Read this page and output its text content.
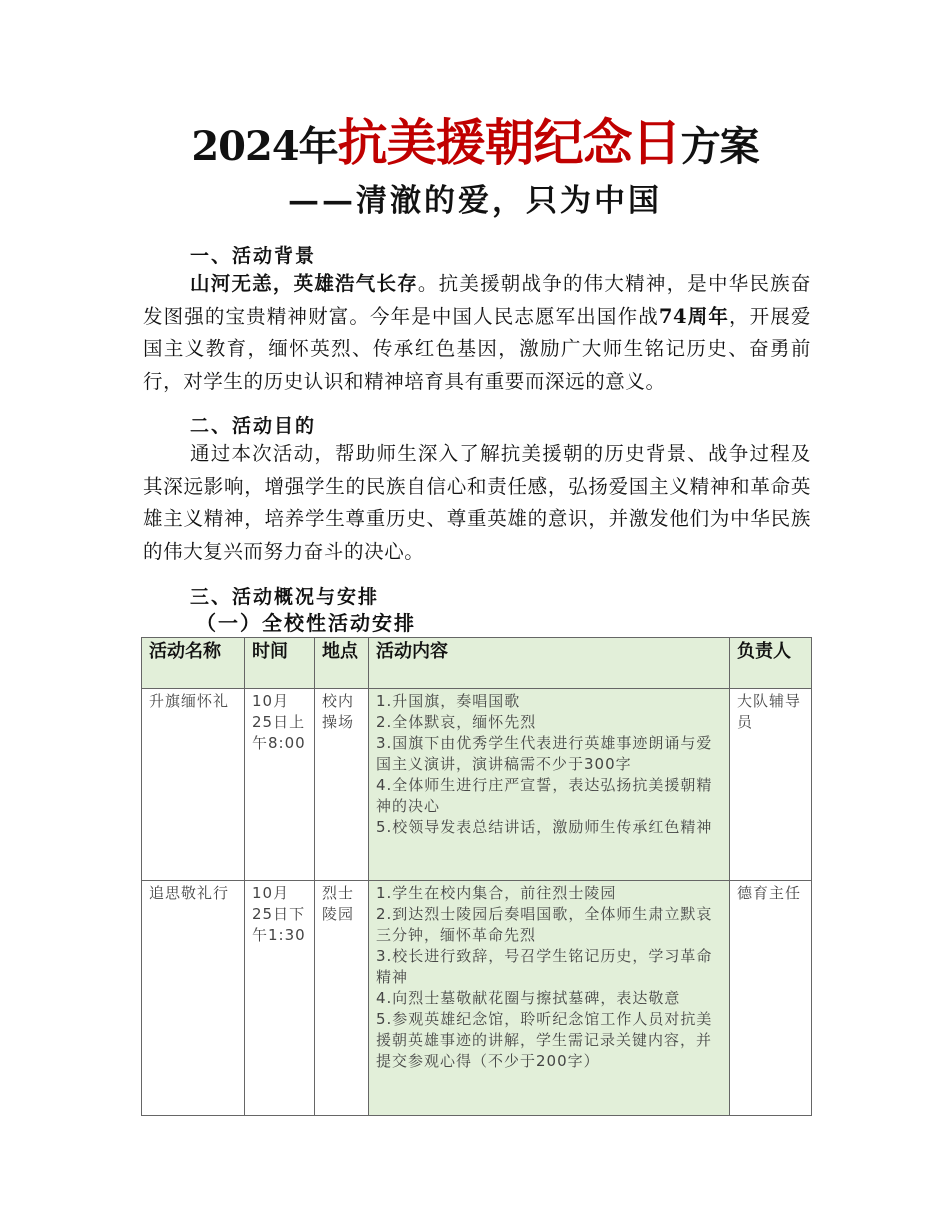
2024年抗美援朝纪念日方案
——清澈的爱，只为中国
一、活动背景

山河无恙，英雄浩气长存。抗美援朝战争的伟大精神，是中华民族奋发图强的宝贵精神财富。今年是中国人民志愿军出国作战74周年，开展爱国主义教育，缅怀英烈、传承红色基因，激励广大师生铭记历史、奋勇前行，对学生的历史认识和精神培育具有重要而深远的意义。

二、活动目的

通过本次活动，帮助师生深入了解抗美援朝的历史背景、战争过程及其深远影响，增强学生的民族自信心和责任感，弘扬爱国主义精神和革命英雄主义精神，培养学生尊重历史、尊重英雄的意识，并激发他们为中华民族的伟大复兴而努力奋斗的决心。

三、活动概况与安排
（一）全校性活动安排
活动名称	时间	地点	活动内容	负责人
升旗缅怀礼	10月25日上午8:00	校内操场	1.升国旗，奏唱国歌
2.全体默哀，缅怀先烈
3.国旗下由优秀学生代表进行英雄事迹朗诵与爱国主义演讲，演讲稿需不少于300字
4.全体师生进行庄严宣誓，表达弘扬抗美援朝精神的决心
5.校领导发表总结讲话，激励师生传承红色精神	大队辅导员
追思敬礼行	10月25日下午1:30	烈士陵园	1.学生在校内集合，前往烈士陵园
2.到达烈士陵园后奏唱国歌，全体师生肃立默哀三分钟，缅怀革命先烈
3.校长进行致辞，号召学生铭记历史，学习革命精神
4.向烈士墓敬献花圈与擦拭墓碑，表达敬意
5.参观英雄纪念馆，聆听纪念馆工作人员对抗美援朝英雄事迹的讲解，学生需记录关键内容，并提交参观心得（不少于200字）	德育主任
